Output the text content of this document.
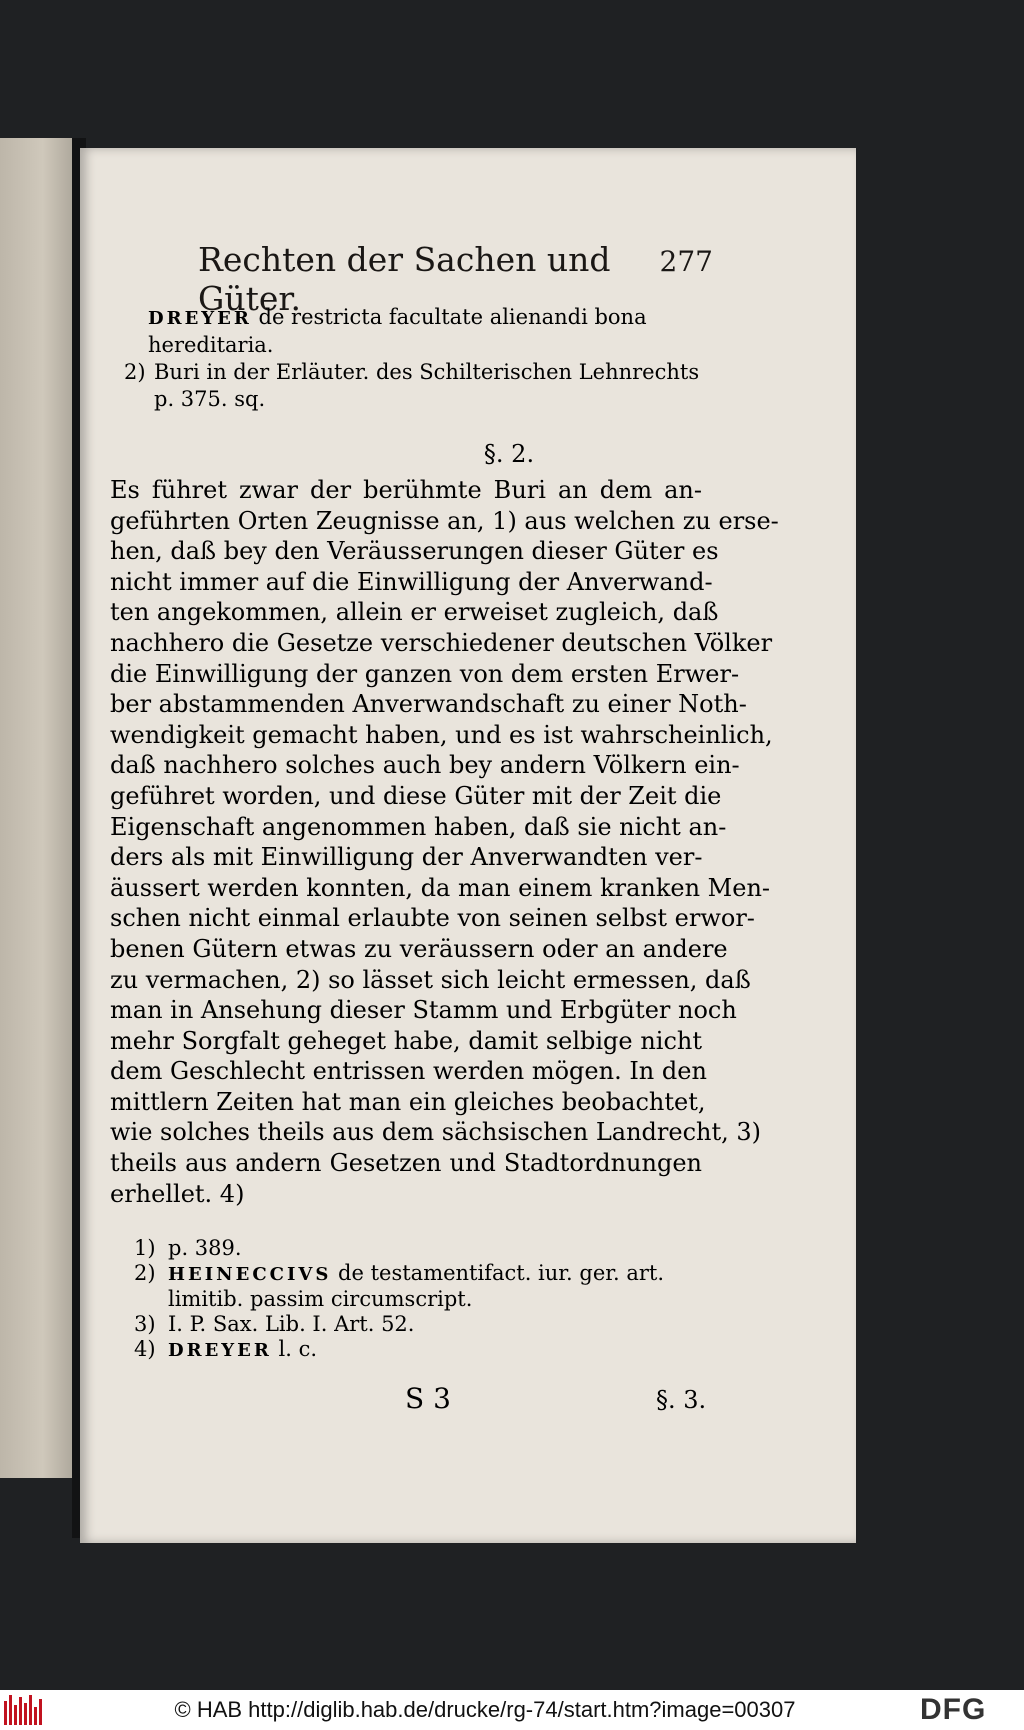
Rechten der Sachen und Güter.
277
DREYER de restricta facultate alienandi bona hereditaria.
2) Buri in der Erläuter. des Schilterischen Lehnrechts p. 375. sq.
§. 2.
Es führet zwar der berühmte Buri an dem an-
geführten Orten Zeugnisse an, 1) aus welchen zu erse-
hen, daß bey den Veräusserungen dieser Güter es
nicht immer auf die Einwilligung der Anverwand-
ten angekommen, allein er erweiset zugleich, daß
nachhero die Gesetze verschiedener deutschen Völker
die Einwilligung der ganzen von dem ersten Erwer-
ber abstammenden Anverwandschaft zu einer Noth-
wendigkeit gemacht haben, und es ist wahrscheinlich,
daß nachhero solches auch bey andern Völkern ein-
geführet worden, und diese Güter mit der Zeit die
Eigenschaft angenommen haben, daß sie nicht an-
ders als mit Einwilligung der Anverwandten ver-
äussert werden konnten, da man einem kranken Men-
schen nicht einmal erlaubte von seinen selbst erwor-
benen Gütern etwas zu veräussern oder an andere
zu vermachen, 2) so lässet sich leicht ermessen, daß
man in Ansehung dieser Stamm und Erbgüter noch
mehr Sorgfalt geheget habe, damit selbige nicht
dem Geschlecht entrissen werden mögen. In den
mittlern Zeiten hat man ein gleiches beobachtet,
wie solches theils aus dem sächsischen Landrecht, 3)
theils aus andern Gesetzen und Stadtordnungen
erhellet. 4)
1) p. 389.
2) HEINECCIVS de testamentifact. iur. ger. art. limitib. passim circumscript.
3) I. P. Sax. Lib. I. Art. 52.
4) DREYER l. c.
S 3	§. 3.
© HAB http://diglib.hab.de/drucke/rg-74/start.htm?image=00307	DFG
